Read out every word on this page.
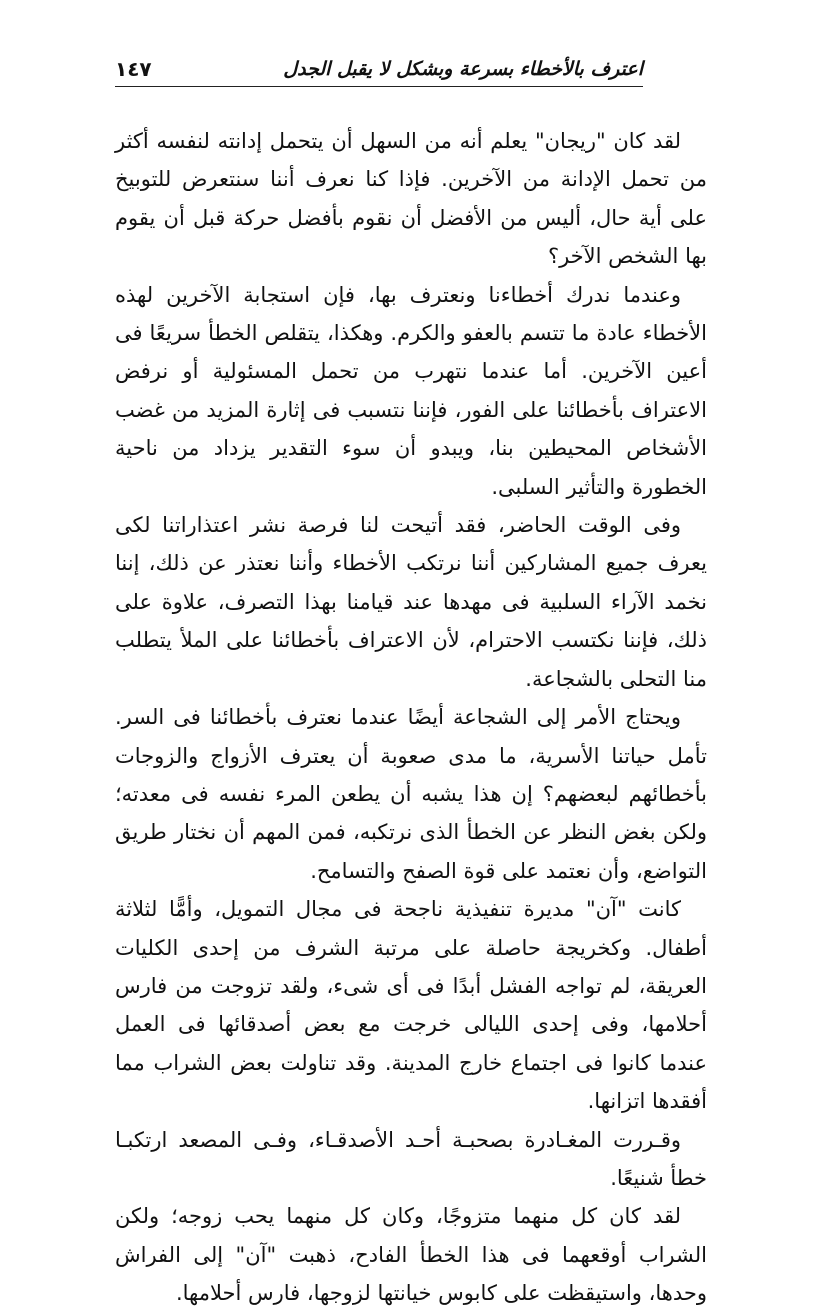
اعترف بالأخطاء بسرعة وبشكل لا يقبل الجدل
١٤٧

لقد كان "ريجان" يعلم أنه من السهل أن يتحمل إدانته لنفسه أكثر من تحمل الإدانة من الآخرين. فإذا كنا نعرف أننا سنتعرض للتوبيخ على أية حال، أليس من الأفضل أن نقوم بأفضل حركة قبل أن يقوم بها الشخص الآخر؟

وعندما ندرك أخطاءنا ونعترف بها، فإن استجابة الآخرين لهذه الأخطاء عادة ما تتسم بالعفو والكرم. وهكذا، يتقلص الخطأ سريعًا فى أعين الآخرين. أما عندما نتهرب من تحمل المسئولية أو نرفض الاعتراف بأخطائنا على الفور، فإننا نتسبب فى إثارة المزيد من غضب الأشخاص المحيطين بنا، ويبدو أن سوء التقدير يزداد من ناحية الخطورة والتأثير السلبى.

وفى الوقت الحاضر، فقد أتيحت لنا فرصة نشر اعتذاراتنا لكى يعرف جميع المشاركين أننا نرتكب الأخطاء وأننا نعتذر عن ذلك، إننا نخمد الآراء السلبية فى مهدها عند قيامنا بهذا التصرف، علاوة على ذلك، فإننا نكتسب الاحترام، لأن الاعتراف بأخطائنا على الملأ يتطلب منا التحلى بالشجاعة.

ويحتاج الأمر إلى الشجاعة أيضًا عندما نعترف بأخطائنا فى السر. تأمل حياتنا الأسرية، ما مدى صعوبة أن يعترف الأزواج والزوجات بأخطائهم لبعضهم؟ إن هذا يشبه أن يطعن المرء نفسه فى معدته؛ ولكن بغض النظر عن الخطأ الذى نرتكبه، فمن المهم أن نختار طريق التواضع، وأن نعتمد على قوة الصفح والتسامح.

كانت "آن" مديرة تنفيذية ناجحة فى مجال التمويل، وأمًّا لثلاثة أطفال. وكخريجة حاصلة على مرتبة الشرف من إحدى الكليات العريقة، لم تواجه الفشل أبدًا فى أى شىء، ولقد تزوجت من فارس أحلامها، وفى إحدى الليالى خرجت مع بعض أصدقائها فى العمل عندما كانوا فى اجتماع خارج المدينة. وقد تناولت بعض الشراب مما أفقدها اتزانها.

وقـررت المغـادرة بصحبـة أحـد الأصدقـاء، وفـى المصعد ارتكبـا خطأ شنيعًا.

لقد كان كل منهما متزوجًا، وكان كل منهما يحب زوجه؛ ولكن الشراب أوقعهما فى هذا الخطأ الفادح، ذهبت "آن" إلى الفراش وحدها، واستيقظت على كابوس خيانتها لزوجها، فارس أحلامها.
